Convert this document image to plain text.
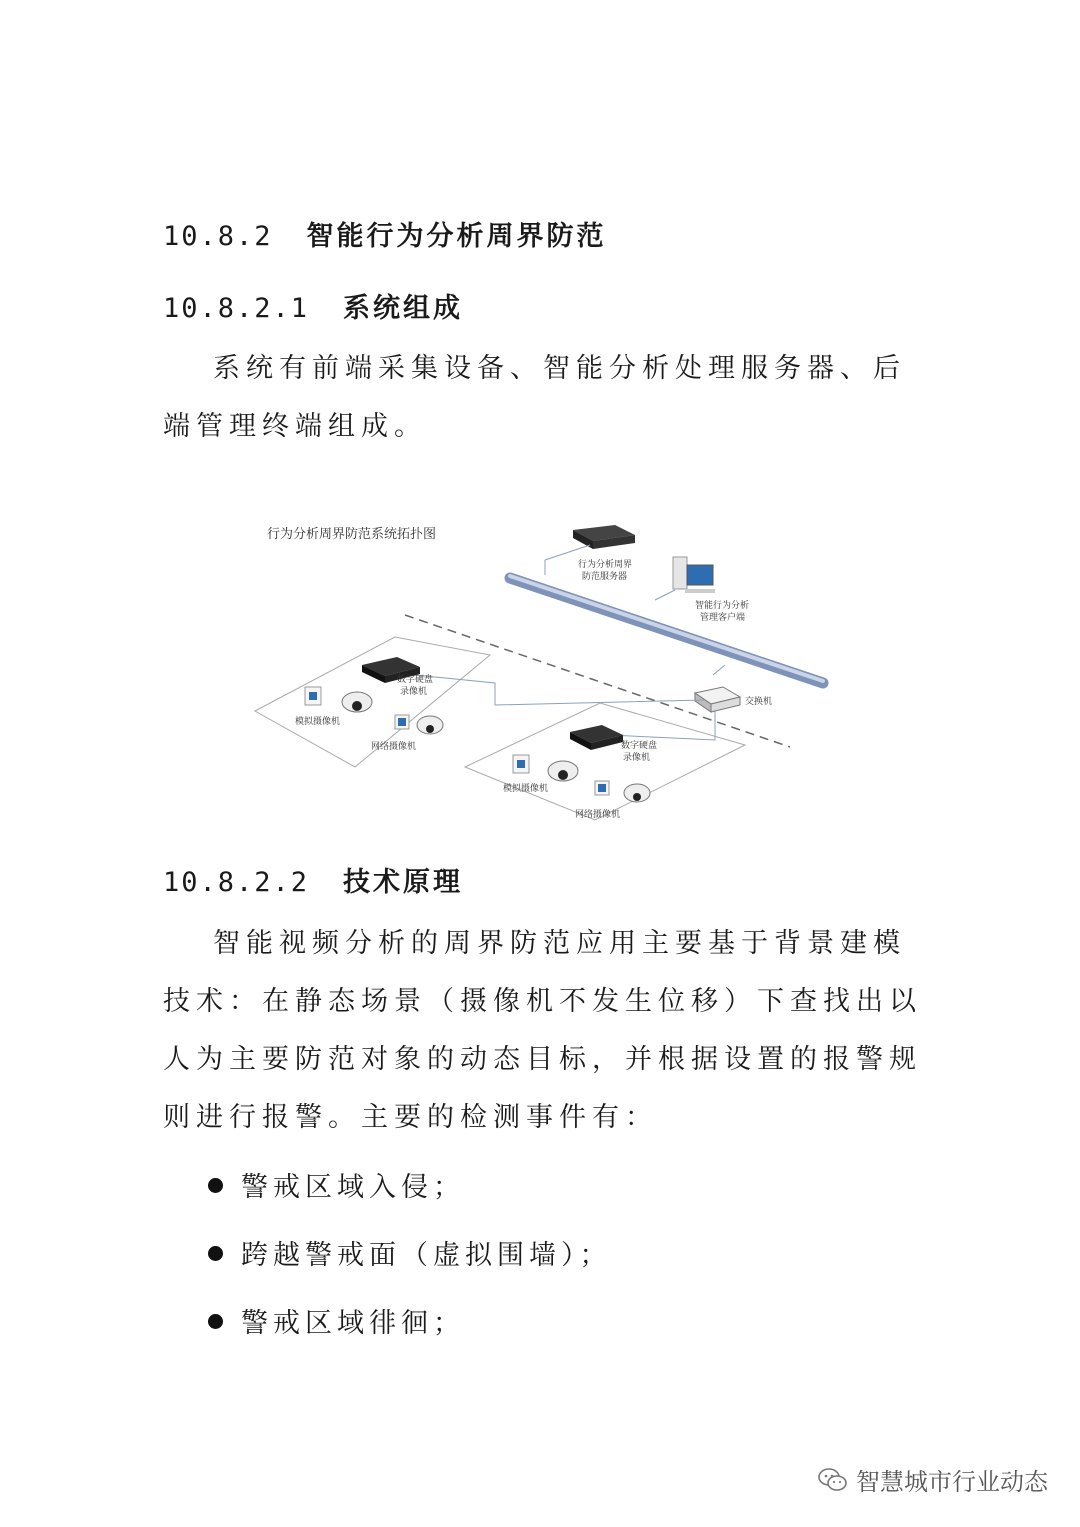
10.8.2 智能行为分析周界防范
10.8.2.1 系统组成
系统有前端采集设备、智能分析处理服务器、后端管理终端组成。
行为分析周界防范系统拓扑图
行为分析周界
防范服务器
智能行为分析
管理客户端
交换机
数字硬盘
录像机
模拟摄像机
网络摄像机	数字硬盘
录像机
模拟摄像机
网络摄像机
10.8.2.2 技术原理
智能视频分析的周界防范应用主要基于背景建模技术：在静态场景（摄像机不发生位移）下查找出以人为主要防范对象的动态目标，并根据设置的报警规则进行报警。主要的检测事件有：
警戒区域入侵；
跨越警戒面（虚拟围墙）；
警戒区域徘徊；
智慧城市行业动态
